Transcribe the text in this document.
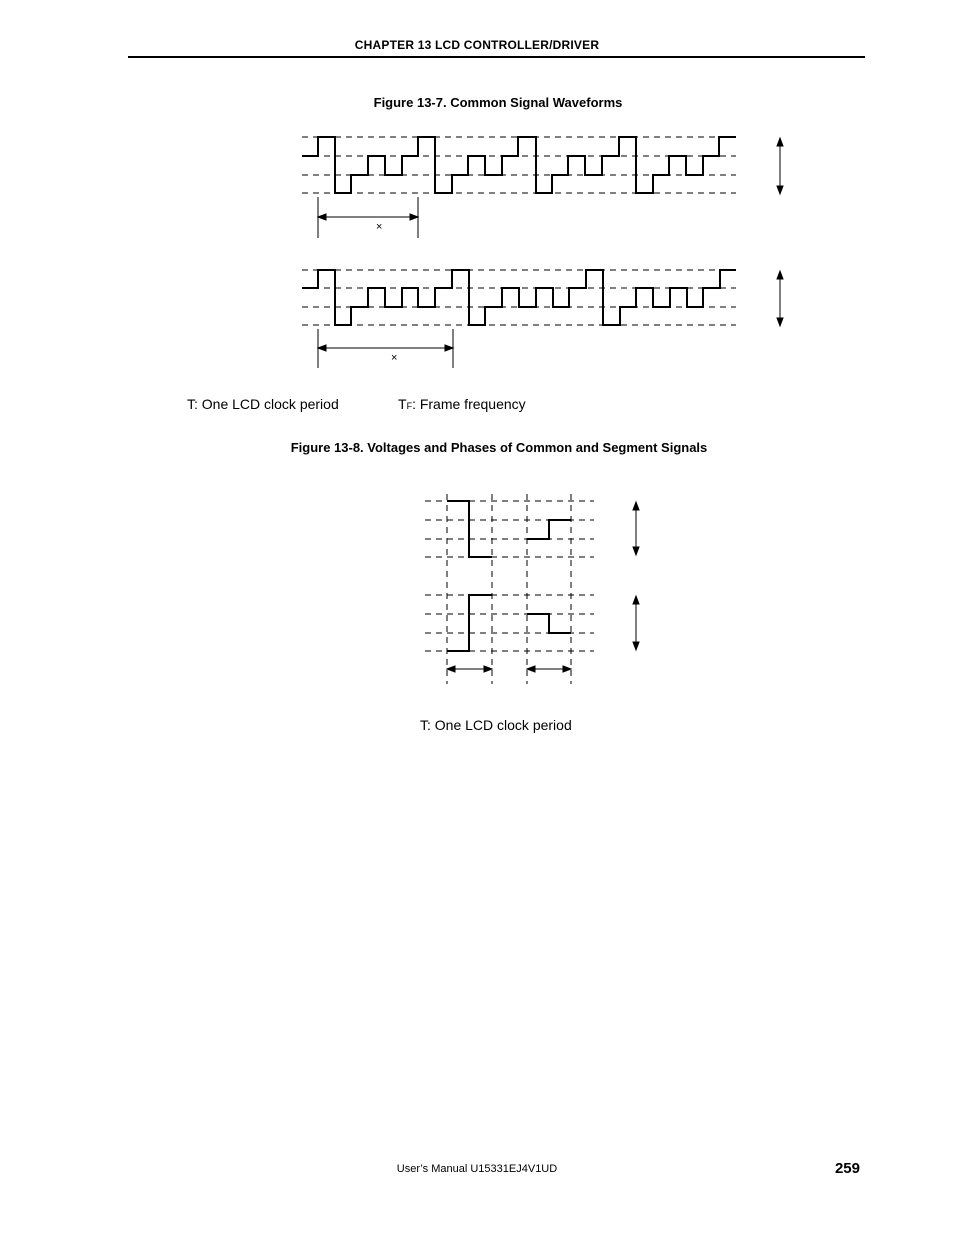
CHAPTER 13 LCD CONTROLLER/DRIVER
Figure 13-7. Common Signal Waveforms
×
×
T: One LCD clock period	TF: Frame frequency
Figure 13-8. Voltages and Phases of Common and Segment Signals
T: One LCD clock period
User’s Manual U15331EJ4V1UD	259
